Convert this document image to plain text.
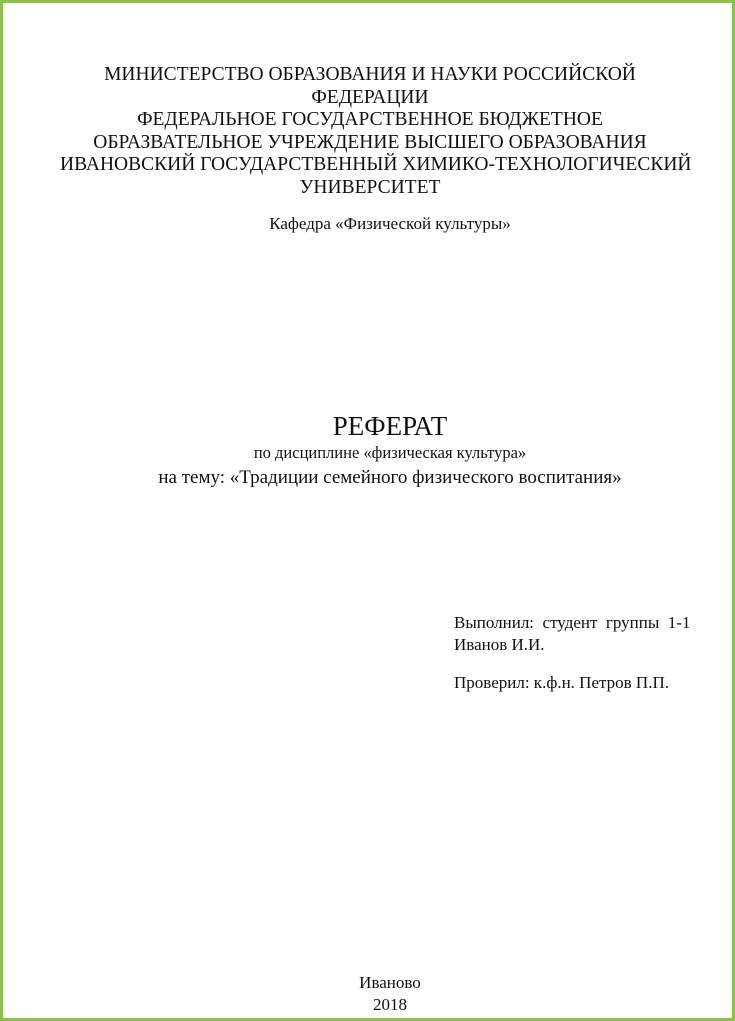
МИНИСТЕРСТВО ОБРАЗОВАНИЯ И НАУКИ РОССИЙСКОЙ
ФЕДЕРАЦИИ
ФЕДЕРАЛЬНОЕ ГОСУДАРСТВЕННОЕ БЮДЖЕТНОЕ
ОБРАЗВАТЕЛЬНОЕ УЧРЕЖДЕНИЕ ВЫСШЕГО ОБРАЗОВАНИЯ
ИВАНОВСКИЙ ГОСУДАРСТВЕННЫЙ ХИМИКО-ТЕХНОЛОГИЧЕСКИЙ
УНИВЕРСИТЕТ
Кафедра «Физической культуры»
РЕФЕРАТ
по дисциплине «физическая культура»
на тему: «Традиции семейного физического воспитания»
Выполнил:  студент  группы  1-1
Иванов И.И.
Проверил: к.ф.н. Петров П.П.
Иваново
2018
